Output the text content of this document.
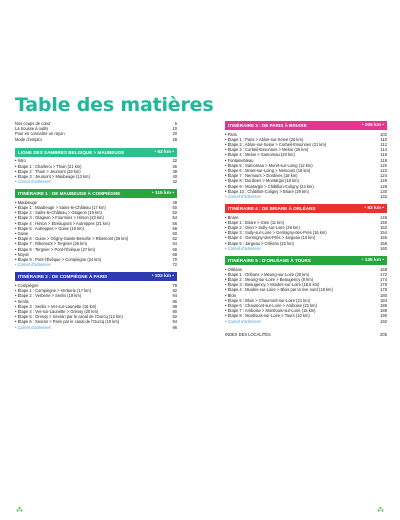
Table des matières
Nos coups de cœur	5
La trousse à outils	10
Pour en connaître un rayon	20
Mode d’emploi	28
LIGNE DES SAMBRES BELGIQUE > MAUBEUGE	• 63 km •
• Intro	32
• Étape 1 : Charleroi > Thuin (21 km)	36
• Étape 2 : Thuin > Jeumont (19 km)	38
• Étape 3 : Jeumont > Maubeuge (13 km)	40
• Carnet d’adresses	42
ITINÉRAIRE 1 : DE MAUBEUGE À COMPIÈGNE	• 115 km •
• Maubeuge	48
• Étape 1 : Maubeuge > Sains-le-Château (17 km)	50
• Étape 2 : Sains-le-Château > Glageon (19 km)	52
• Étape 3 : Glageon > Fourmies > Hirson (22 km)	54
• Étape 4 : Hirson > Étréaupont > Autreppes (21 km)	56
• Étape 5 : Autreppes > Guise (19 km)	58
• Guise	60
• Étape 6 : Guise > Origny-Sainte-Benoîte > Ribemont (26 km)	62
• Étape 7 : Ribemont > Tergnier (26 km)	64
• Étape 8 : Tergnier > Pont-l’Évêque (27 km)	66
• Noyon	68
• Étape 9 : Pont-l’Évêque > Compiègne (24 km)	70
• Carnet d’adresses	72
ITINÉRAIRE 2 : DE COMPIÈGNE À PARIS	• 103 km •
• Compiègne	78
• Étape 1 : Compiègne > Verberie (17 km)	82
• Étape 2 : Verberie > Senlis (19 km)	84
• Senlis	86
• Étape 3 : Senlis > Ver-sur-Launette (16 km)	88
• Étape 4 : Ver-sur-Launette > Gressy (20 km)	90
• Étape 5 : Gressy > Sevran par le canal de l’Ourcq (12 km)	92
• Étape 6 : Sevran > Paris par le canal de l’Ourcq (19 km)	94
• Carnet d’adresses	96
ITINÉRAIRE 3 : DE PARIS À BRIARE	• 206 km •
• Paris	102
• Étape 1 : Paris > Ablon-sur-Seine (20 km)	110
• Étape 2 : Ablon-sur-Seine > Corbeil-Essonnes (21 km)	112
• Étape 3 : Corbeil-Essonnes > Melun (26 km)	114
• Étape 4 : Melun > Samoreau (20 km)	116
• Fontainebleau	118
• Étape 5 : Samoreau > Moret-sur-Loing (12 km)	120
• Étape 6 : Moret-sur-Loing > Nemours (18 km)	122
• Étape 7 : Nemours > Dordives (18 km)	124
• Étape 8 : Dordives > Montargis (18 km)	126
• Étape 9 : Montargis > Châtillon-Coligny (24 km)	128
• Étape 10 : Châtillon-Coligny > Briare (29 km)	130
• Carnet d’adresses	132
ITINÉRAIRE 4 : DE BRIARE À ORLÉANS	• 93 km •
• Briare	146
• Étape 1 : Briare > Gien (11 km)	150
• Étape 2 : Gien > Sully-sur-Loire (29 km)	152
• Étape 3 : Sully-sur-Loire > Germigny-des-Prés (16 km)	154
• Étape 4 : Germigny-des-Prés > Jargeau (10 km)	156
• Étape 5 : Jargeau > Orléans (22 km)	158
• Carnet d’adresses	160
ITINÉRAIRE 5 : D’ORLÉANS À TOURS	• 135 km •
• Orléans	168
• Étape 1 : Orléans > Meung-sur-Loire (20 km)	172
• Étape 2 : Meung-sur-Loire > Beaugency (8 km)	174
• Étape 3 : Beaugency > Muides-sur-Loire (18,5 km)	176
• Étape 4 : Muides-sur-Loire > Blois par la rive nord (18 km)	178
• Blois	180
• Étape 5 : Blois > Chaumont-sur-Loire (21 km)	184
• Étape 6 : Chaumont-sur-Loire > Amboise (22 km)	186
• Étape 7 : Amboise > Montlouis-sur-Loire (15 km)	188
• Étape 8 : Montlouis-sur-Loire > Tours (10 km)	190
• Carnet d’adresses	192
INDEX DES LOCALITÉS	205
⁂	⁂
